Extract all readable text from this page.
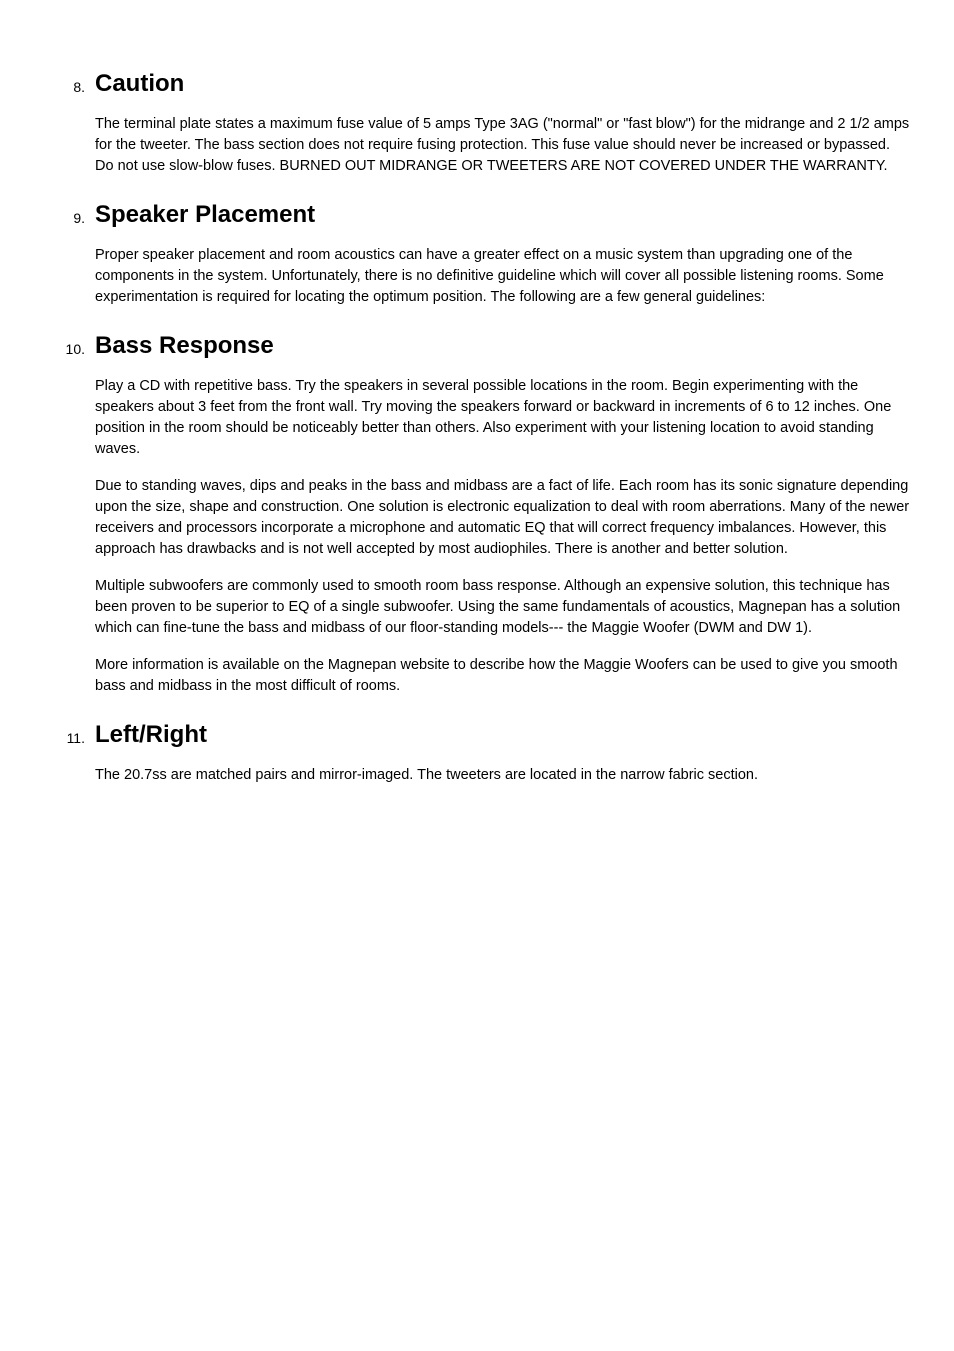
8. Caution

The terminal plate states a maximum fuse value of 5 amps Type 3AG ("normal" or "fast blow") for the midrange and 2 1/2 amps for the tweeter. The bass section does not require fusing protection. This fuse value should never be increased or bypassed. Do not use slow-blow fuses. BURNED OUT MIDRANGE OR TWEETERS ARE NOT COVERED UNDER THE WARRANTY.

9. Speaker Placement

Proper speaker placement and room acoustics can have a greater effect on a music system than upgrading one of the components in the system. Unfortunately, there is no definitive guideline which will cover all possible listening rooms. Some experimentation is required for locating the optimum position. The following are a few general guidelines:

10. Bass Response

Play a CD with repetitive bass. Try the speakers in several possible locations in the room. Begin experimenting with the speakers about 3 feet from the front wall. Try moving the speakers forward or backward in increments of 6 to 12 inches. One position in the room should be noticeably better than others. Also experiment with your listening location to avoid standing waves.

Due to standing waves, dips and peaks in the bass and midbass are a fact of life. Each room has its sonic signature depending upon the size, shape and construction. One solution is electronic equalization to deal with room aberrations. Many of the newer receivers and processors incorporate a microphone and automatic EQ that will correct frequency imbalances. However, this approach has drawbacks and is not well accepted by most audiophiles. There is another and better solution.

Multiple subwoofers are commonly used to smooth room bass response. Although an expensive solution, this technique has been proven to be superior to EQ of a single subwoofer. Using the same fundamentals of acoustics, Magnepan has a solution which can fine-tune the bass and midbass of our floor-standing models--- the Maggie Woofer (DWM and DW 1).

More information is available on the Magnepan website to describe how the Maggie Woofers can be used to give you smooth bass and midbass in the most difficult of rooms.

11. Left/Right

The 20.7ss are matched pairs and mirror-imaged. The tweeters are located in the narrow fabric section.
